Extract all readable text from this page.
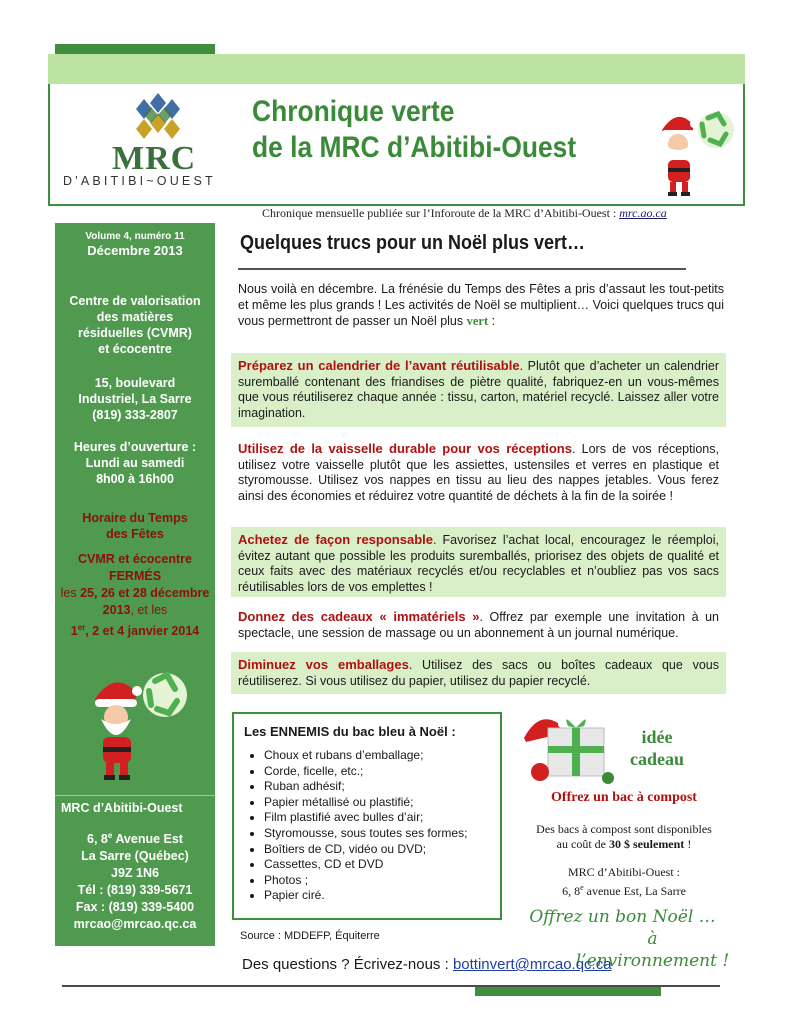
MRC
D'ABITIBI~OUEST
Chronique verte
de la MRC d’Abitibi-Ouest
Chronique mensuelle publiée sur l’Inforoute de la MRC d’Abitibi-Ouest : mrc.ao.ca
Volume 4, numéro 11
Décembre 2013
Centre de valorisation
des matières
résiduelles (CVMR)
et écocentre
15, boulevard
Industriel, La Sarre
(819) 333-2807
Heures d’ouverture :
Lundi au samedi
8h00 à 16h00
Horaire du Temps
des Fêtes
CVMR et écocentre
FERMÉS
les 25, 26 et 28 décembre
2013, et les
1er, 2 et 4 janvier 2014
MRC d’Abitibi-Ouest
6, 8e Avenue Est
La Sarre (Québec)
J9Z 1N6
Tél : (819) 339-5671
Fax : (819) 339-5400
mrcao@mrcao.qc.ca
Quelques trucs pour un Noël plus vert…
Nous voilà en décembre. La frénésie du Temps des Fêtes a pris d’assaut les tout-petits et même les plus grands ! Les activités de Noël se multiplient… Voici quelques trucs qui vous permettront de passer un Noël plus vert :
Préparez un calendrier de l’avant réutilisable. Plutôt que d’acheter un calendrier suremballé contenant des friandises de piètre qualité, fabriquez-en un vous-mêmes que vous réutiliserez chaque année : tissu, carton, matériel recyclé. Laissez aller votre imagination.
Utilisez de la vaisselle durable pour vos réceptions. Lors de vos réceptions, utilisez votre vaisselle plutôt que les assiettes, ustensiles et verres en plastique et styromousse. Utilisez vos nappes en tissu au lieu des nappes jetables. Vous ferez ainsi des économies et réduirez votre quantité de déchets à la fin de la soirée !
Achetez de façon responsable. Favorisez l’achat local, encouragez le réemploi, évitez autant que possible les produits suremballés, priorisez des objets de qualité et ceux faits avec des matériaux recyclés et/ou recyclables et n’oubliez pas vos sacs réutilisables lors de vos emplettes !
Donnez des cadeaux « immatériels ». Offrez par exemple une invitation à un spectacle, une session de massage ou un abonnement à un journal numérique.
Diminuez vos emballages. Utilisez des sacs ou boîtes cadeaux que vous réutiliserez. Si vous utilisez du papier, utilisez du papier recyclé.
Les ENNEMIS du bac bleu à Noël :
• Choux et rubans d’emballage;
• Corde, ficelle, etc.;
• Ruban adhésif;
• Papier métallisé ou plastifié;
• Film plastifié avec bulles d’air;
• Styromousse, sous toutes ses formes;
• Boîtiers de CD, vidéo ou DVD;
• Cassettes, CD et DVD
• Photos ;
• Papier ciré.
Source : MDDEFP, Équiterre
idée
cadeau
Offrez un bac à compost
Des bacs à compost sont disponibles
au coût de 30 $ seulement !
MRC d’Abitibi-Ouest :
6, 8e avenue Est, La Sarre
Offrez un bon Noël …
à l’environnement !
Des questions ? Écrivez-nous : bottinvert@mrcao.qc.ca
